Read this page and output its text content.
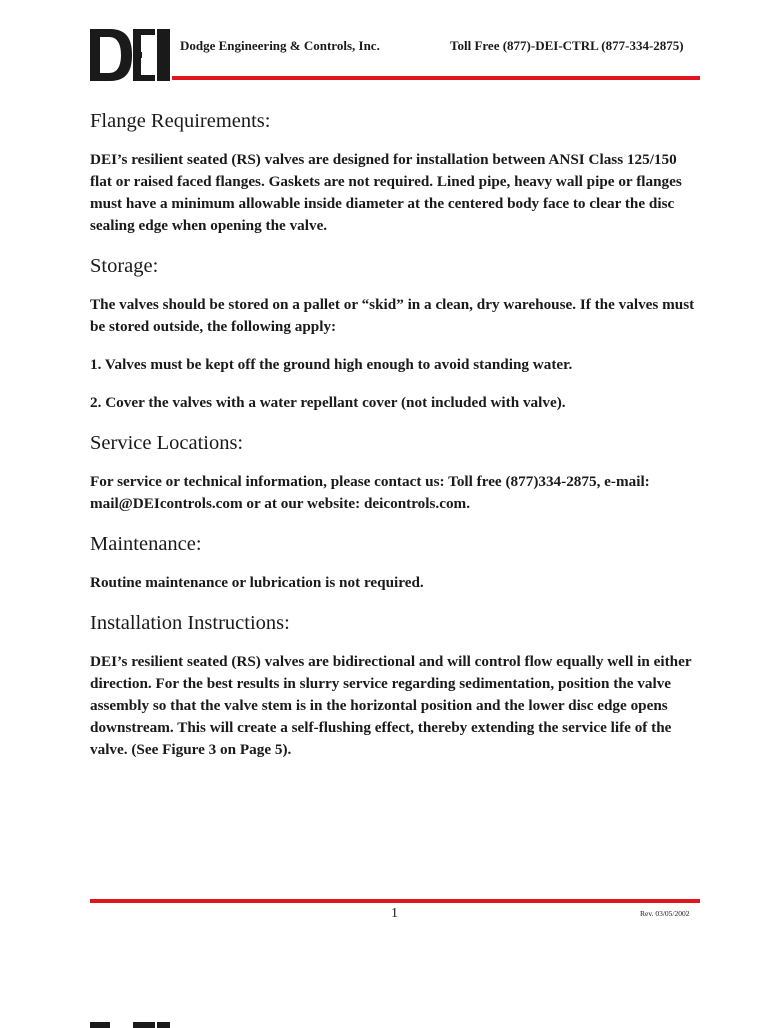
Dodge Engineering & Controls, Inc.	Toll Free (877)-DEI-CTRL (877-334-2875)
Flange Requirements:

DEI’s resilient seated (RS) valves are designed for installation between ANSI Class 125/150 flat or raised faced flanges. Gaskets are not required. Lined pipe, heavy wall pipe or flanges must have a minimum allowable inside diameter at the centered body face to clear the disc sealing edge when opening the valve.

Storage:

The valves should be stored on a pallet or “skid” in a clean, dry warehouse. If the valves must be stored outside, the following apply:

1. Valves must be kept off the ground high enough to avoid standing water.

2. Cover the valves with a water repellant cover (not included with valve).

Service Locations:

For service or technical information, please contact us: Toll free (877)334-2875, e-mail: mail@DEIcontrols.com or at our website: deicontrols.com.

Maintenance:

Routine maintenance or lubrication is not required.

Installation Instructions:

DEI’s resilient seated (RS) valves are bidirectional and will control flow equally well in either direction. For the best results in slurry service regarding sedimentation, position the valve assembly so that the valve stem is in the horizontal position and the lower disc edge opens downstream. This will create a self-flushing effect, thereby extending the service life of the valve. (See Figure 3 on Page 5).

1	Rev. 03/05/2002
